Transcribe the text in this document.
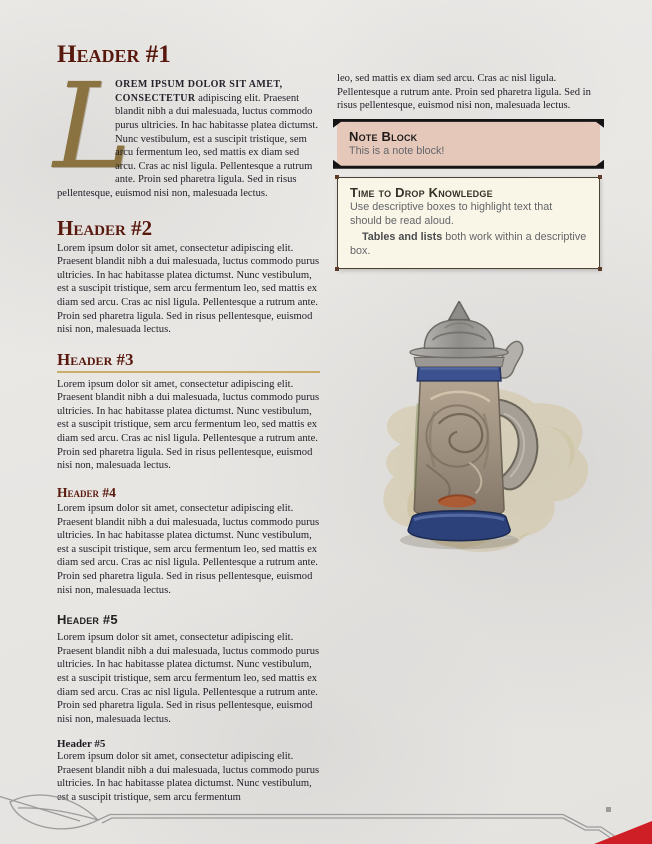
Header #1

L
OREM IPSUM DOLOR SIT AMET, CONSECTETUR adipiscing elit. Praesent blandit nibh a dui malesuada, luctus commodo purus ultricies. In hac habitasse platea dictumst. Nunc vestibulum, est a suscipit tristique, sem arcu fermentum leo, sed mattis ex diam sed arcu. Cras ac nisl ligula. Pellentesque a rutrum ante. Proin sed pharetra ligula. Sed in risus pellentesque, euismod nisi non, malesuada lectus.

Header #2

Lorem ipsum dolor sit amet, consectetur adipiscing elit. Praesent blandit nibh a dui malesuada, luctus commodo purus ultricies. In hac habitasse platea dictumst. Nunc vestibulum, est a suscipit tristique, sem arcu fermentum leo, sed mattis ex diam sed arcu. Cras ac nisl ligula. Pellentesque a rutrum ante. Proin sed pharetra ligula. Sed in risus pellentesque, euismod nisi non, malesuada lectus.

Header #3

Lorem ipsum dolor sit amet, consectetur adipiscing elit. Praesent blandit nibh a dui malesuada, luctus commodo purus ultricies. In hac habitasse platea dictumst. Nunc vestibulum, est a suscipit tristique, sem arcu fermentum leo, sed mattis ex diam sed arcu. Cras ac nisl ligula. Pellentesque a rutrum ante. Proin sed pharetra ligula. Sed in risus pellentesque, euismod nisi non, malesuada lectus.

Header #4

Lorem ipsum dolor sit amet, consectetur adipiscing elit. Praesent blandit nibh a dui malesuada, luctus commodo purus ultricies. In hac habitasse platea dictumst. Nunc vestibulum, est a suscipit tristique, sem arcu fermentum leo, sed mattis ex diam sed arcu. Cras ac nisl ligula. Pellentesque a rutrum ante. Proin sed pharetra ligula. Sed in risus pellentesque, euismod nisi non, malesuada lectus.

Header #5

Lorem ipsum dolor sit amet, consectetur adipiscing elit. Praesent blandit nibh a dui malesuada, luctus commodo purus ultricies. In hac habitasse platea dictumst. Nunc vestibulum, est a suscipit tristique, sem arcu fermentum leo, sed mattis ex diam sed arcu. Cras ac nisl ligula. Pellentesque a rutrum ante. Proin sed pharetra ligula. Sed in risus pellentesque, euismod nisi non, malesuada lectus.

Header #5

Lorem ipsum dolor sit amet, consectetur adipiscing elit. Praesent blandit nibh a dui malesuada, luctus commodo purus ultricies. In hac habitasse platea dictumst. Nunc vestibulum, est a suscipit tristique, sem arcu fermentum

leo, sed mattis ex diam sed arcu. Cras ac nisl ligula. Pellentesque a rutrum ante. Proin sed pharetra ligula. Sed in risus pellentesque, euismod nisi non, malesuada lectus.

Note Block
This is a note block!
Time to Drop Knowledge
Use descriptive boxes to highlight text that should be read aloud.
Tables and lists both work within a descriptive box.
